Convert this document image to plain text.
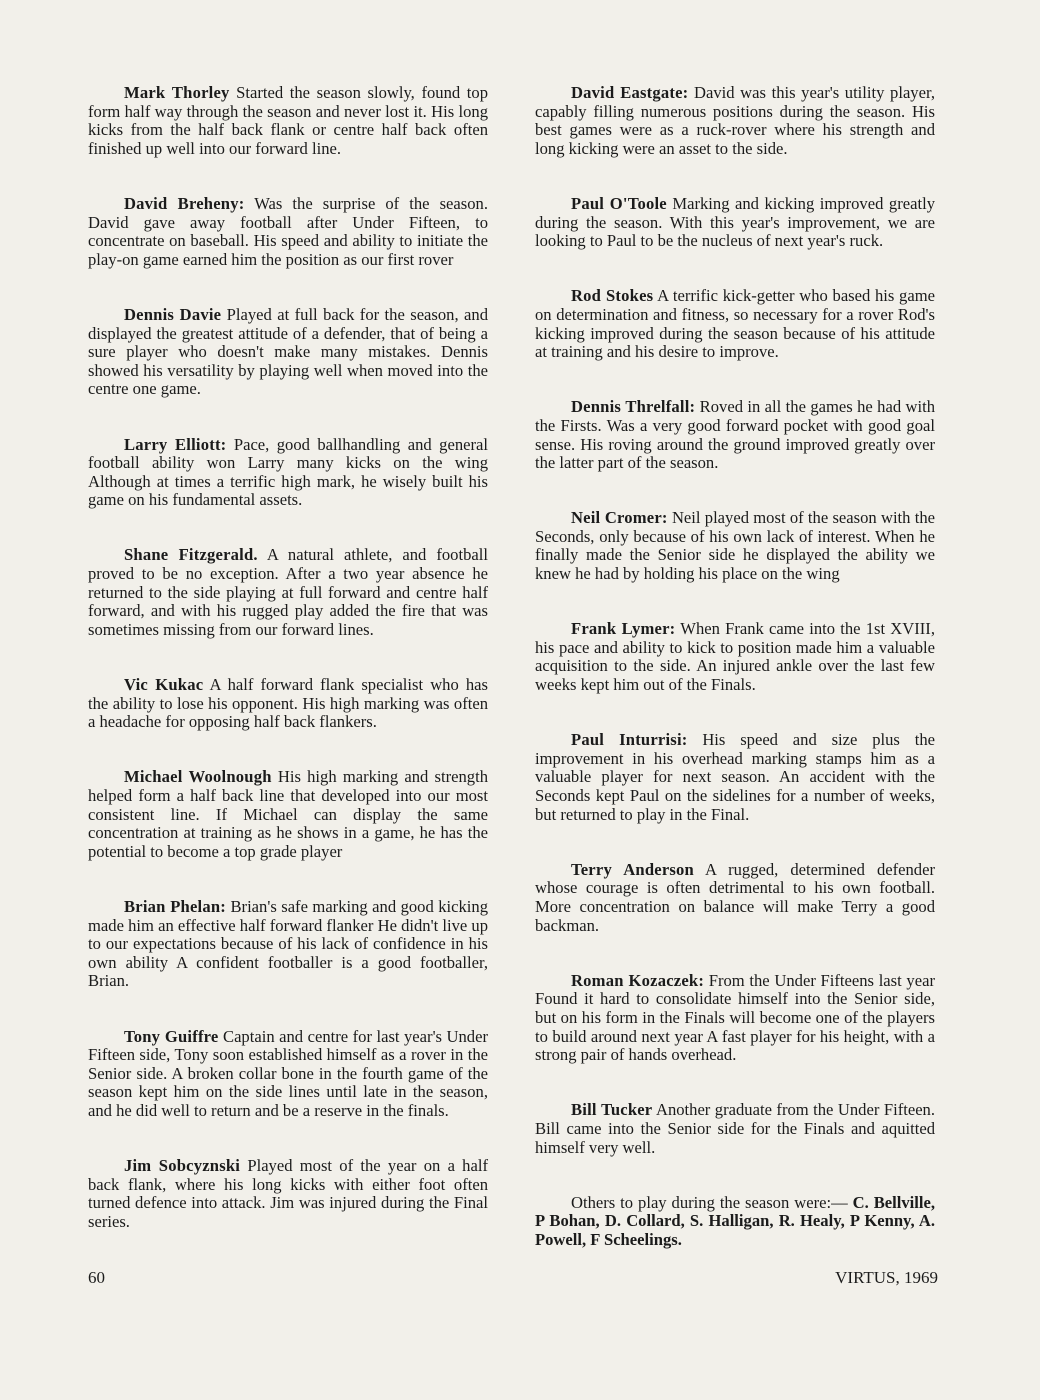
Mark Thorley Started the season slowly, found top form half way through the season and never lost it. His long kicks from the half back flank or centre half back often finished up well into our forward line.

David Breheny: Was the surprise of the season. David gave away football after Under Fifteen, to concentrate on baseball. His speed and ability to initiate the play-on game earned him the position as our first rover

Dennis Davie Played at full back for the season, and displayed the greatest attitude of a defender, that of being a sure player who doesn't make many mistakes. Dennis showed his versatility by playing well when moved into the centre one game.

Larry Elliott: Pace, good ballhandling and general football ability won Larry many kicks on the wing Although at times a terrific high mark, he wisely built his game on his fundamental assets.

Shane Fitzgerald. A natural athlete, and football proved to be no exception. After a two year absence he returned to the side playing at full forward and centre half forward, and with his rugged play added the fire that was sometimes missing from our forward lines.

Vic Kukac A half forward flank specialist who has the ability to lose his opponent. His high marking was often a headache for opposing half back flankers.

Michael Woolnough His high marking and strength helped form a half back line that developed into our most consistent line. If Michael can display the same concentration at training as he shows in a game, he has the potential to become a top grade player

Brian Phelan: Brian's safe marking and good kicking made him an effective half forward flanker He didn't live up to our expectations because of his lack of confidence in his own ability A confident footballer is a good footballer, Brian.

Tony Guiffre Captain and centre for last year's Under Fifteen side, Tony soon established himself as a rover in the Senior side. A broken collar bone in the fourth game of the season kept him on the side lines until late in the season, and he did well to return and be a reserve in the finals.

Jim Sobcyznski Played most of the year on a half back flank, where his long kicks with either foot often turned defence into attack. Jim was injured during the Final series.

David Eastgate: David was this year's utility player, capably filling numerous positions during the season. His best games were as a ruck-rover where his strength and long kicking were an asset to the side.

Paul O'Toole Marking and kicking improved greatly during the season. With this year's improvement, we are looking to Paul to be the nucleus of next year's ruck.

Rod Stokes A terrific kick-getter who based his game on determination and fitness, so necessary for a rover Rod's kicking improved during the season because of his attitude at training and his desire to improve.

Dennis Threlfall: Roved in all the games he had with the Firsts. Was a very good forward pocket with good goal sense. His roving around the ground improved greatly over the latter part of the season.

Neil Cromer: Neil played most of the season with the Seconds, only because of his own lack of interest. When he finally made the Senior side he displayed the ability we knew he had by holding his place on the wing

Frank Lymer: When Frank came into the 1st XVIII, his pace and ability to kick to position made him a valuable acquisition to the side. An injured ankle over the last few weeks kept him out of the Finals.

Paul Inturrisi: His speed and size plus the improvement in his overhead marking stamps him as a valuable player for next season. An accident with the Seconds kept Paul on the sidelines for a number of weeks, but returned to play in the Final.

Terry Anderson A rugged, determined defender whose courage is often detrimental to his own football. More concentration on balance will make Terry a good backman.

Roman Kozaczek: From the Under Fifteens last year Found it hard to consolidate himself into the Senior side, but on his form in the Finals will become one of the players to build around next year A fast player for his height, with a strong pair of hands overhead.

Bill Tucker Another graduate from the Under Fifteen. Bill came into the Senior side for the Finals and aquitted himself very well.

Others to play during the season were:— C. Bellville, P Bohan, D. Collard, S. Halligan, R. Healy, P Kenny, A. Powell, F Scheelings.

60	VIRTUS, 1969
